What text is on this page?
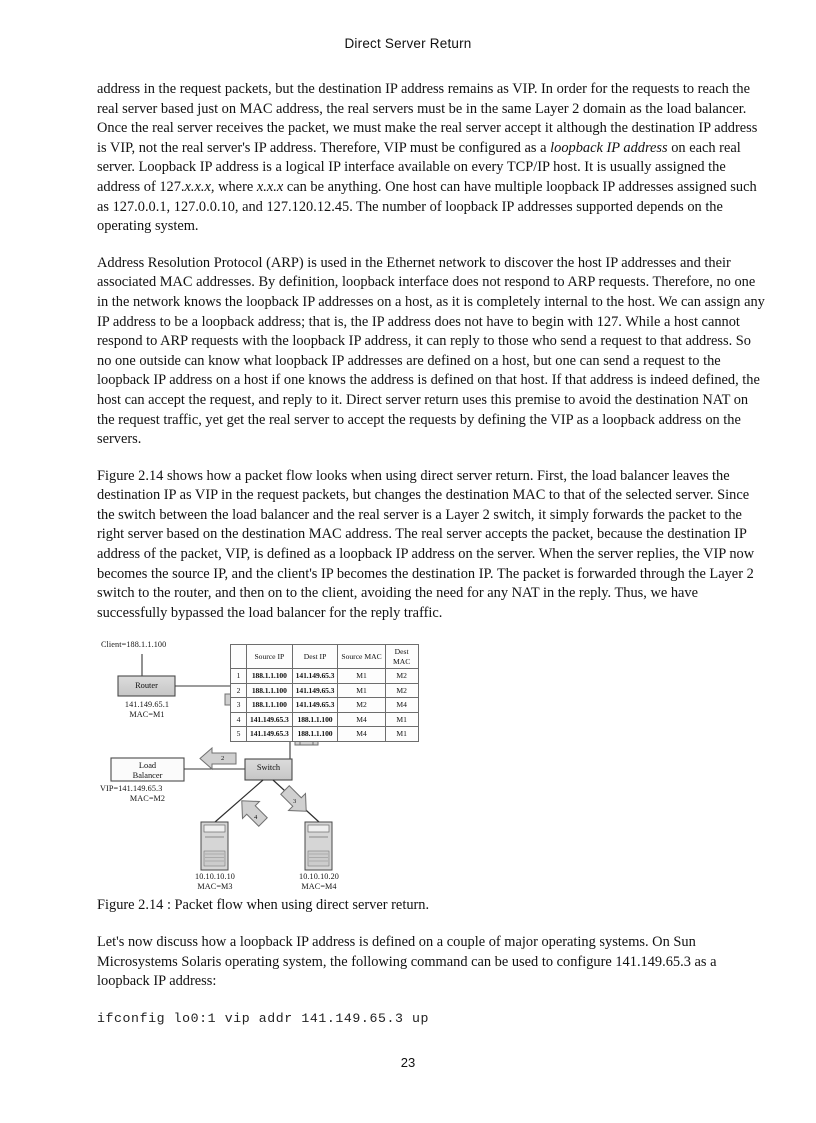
Direct Server Return

address in the request packets, but the destination IP address remains as VIP. In order for the requests to reach the real server based just on MAC address, the real servers must be in the same Layer 2 domain as the load balancer. Once the real server receives the packet, we must make the real server accept it although the destination IP address is VIP, not the real server's IP address. Therefore, VIP must be configured as a loopback IP address on each real server. Loopback IP address is a logical IP interface available on every TCP/IP host. It is usually assigned the address of 127.x.x.x, where x.x.x can be anything. One host can have multiple loopback IP addresses assigned such as 127.0.0.1, 127.0.0.10, and 127.120.12.45. The number of loopback IP addresses supported depends on the operating system.

Address Resolution Protocol (ARP) is used in the Ethernet network to discover the host IP addresses and their associated MAC addresses. By definition, loopback interface does not respond to ARP requests. Therefore, no one in the network knows the loopback IP addresses on a host, as it is completely internal to the host. We can assign any IP address to be a loopback address; that is, the IP address does not have to begin with 127. While a host cannot respond to ARP requests with the loopback IP address, it can reply to those who send a request to that address. So no one outside can know what loopback IP addresses are defined on a host, but one can send a request to the loopback IP address on a host if one knows the address is defined on that host. If that address is indeed defined, the host can accept the request, and reply to it. Direct server return uses this premise to avoid the destination NAT on the request traffic, yet get the real server to accept the requests by defining the VIP as a loopback address on the servers.

Figure 2.14 shows how a packet flow looks when using direct server return. First, the load balancer leaves the destination IP as VIP in the request packets, but changes the destination MAC to that of the selected server. Since the switch between the load balancer and the real server is a Layer 2 switch, it simply forwards the packet to the right server based on the destination MAC address. The real server accepts the packet, because the destination IP address of the packet, VIP, is defined as a loopback IP address on the server. When the server replies, the VIP now becomes the source IP, and the client's IP becomes the destination IP. The packet is forwarded through the Layer 2 switch to the router, and then on to the client, avoiding the need for any NAT in the reply. Thus, we have successfully bypassed the load balancer for the reply traffic.

Client=188.1.1.100
Router
141.149.65.1
MAC=M1
Load
Balancer
VIP=141.149.65.3
MAC=M2
Switch
10.10.10.10
MAC=M3
10.10.10.20
MAC=M4
2
3
4
	Source IP	Dest IP	Source MAC	Dest MAC
1	188.1.1.100	141.149.65.3	M1	M2
2	188.1.1.100	141.149.65.3	M1	M2
3	188.1.1.100	141.149.65.3	M2	M4
4	141.149.65.3	188.1.1.100	M4	M1
5	141.149.65.3	188.1.1.100	M4	M1

Figure 2.14 : Packet flow when using direct server return.

Let's now discuss how a loopback IP address is defined on a couple of major operating systems. On Sun Microsystems Solaris operating system, the following command can be used to configure 141.149.65.3 as a loopback IP address:

ifconfig lo0:1 vip addr 141.149.65.3 up

23
